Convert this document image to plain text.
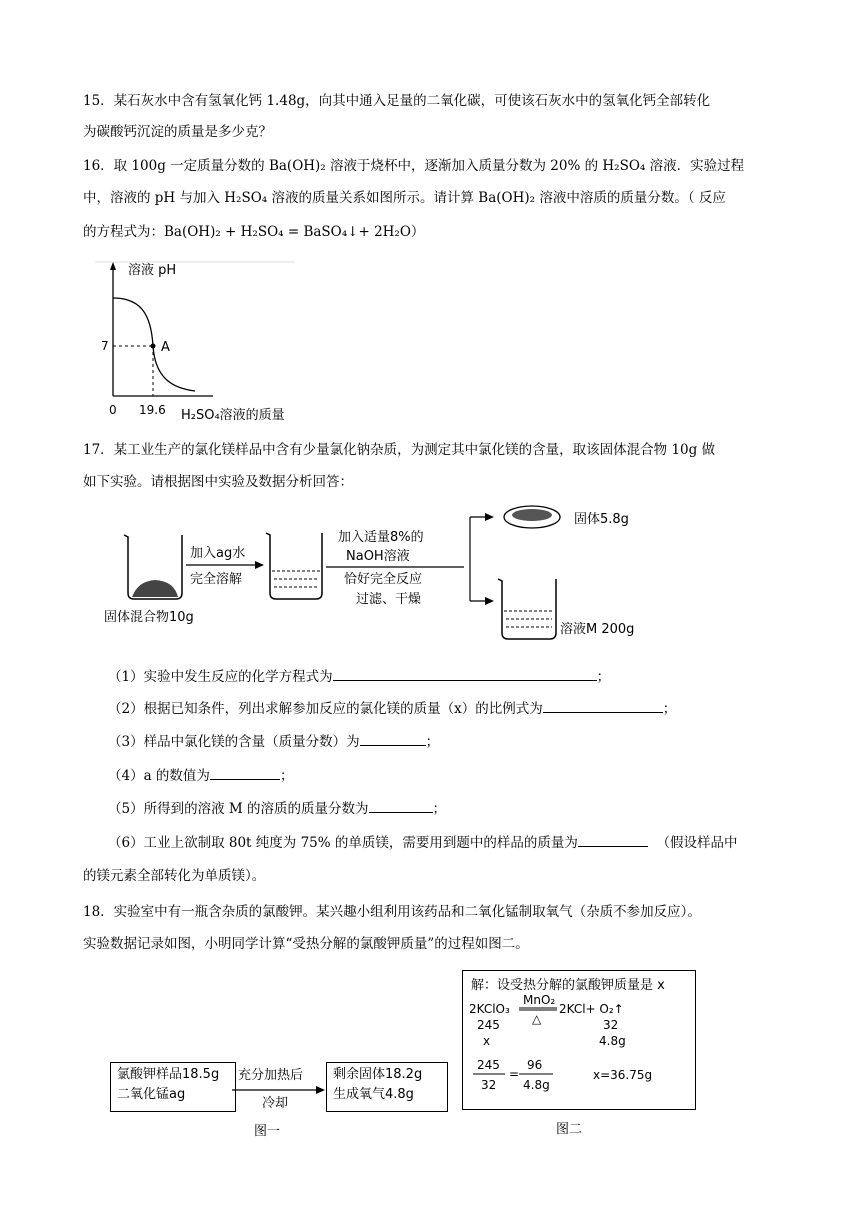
15．某石灰水中含有氢氧化钙 1.48g，向其中通入足量的二氧化碳，可使该石灰水中的氢氧化钙全部转化
为碳酸钙沉淀的质量是多少克？
16．取 100g 一定质量分数的 Ba(OH)₂ 溶液于烧杯中，逐渐加入质量分数为 20% 的 H₂SO₄ 溶液．实验过程
中，溶液的 pH 与加入 H₂SO₄ 溶液的质量关系如图所示。请计算 Ba(OH)₂ 溶液中溶质的质量分数。（ 反应
的方程式为：Ba(OH)₂ + H₂SO₄ = BaSO₄↓+ 2H₂O）
溶液 pH
A
7
0 19.6 H₂SO₄溶液的质量
17．某工业生产的氯化镁样品中含有少量氯化钠杂质，为测定其中氯化镁的含量，取该固体混合物 10g 做
如下实验。请根据图中实验及数据分析回答：
固体混合物10g
加入ag水
完全溶解
加入适量8%的
NaOH溶液
恰好完全反应
过滤、干燥
固体5.8g
溶液M 200g
（1）实验中发生反应的化学方程式为	；
（2）根据已知条件，列出求解参加反应的氯化镁的质量（x）的比例式为	；
（3）样品中氯化镁的含量（质量分数）为	；
（4）a 的数值为	；
（5）所得到的溶液 M 的溶质的质量分数为	；
（6）工业上欲制取 80t 纯度为 75% 的单质镁，需要用到题中的样品的质量为	（假设样品中
的镁元素全部转化为单质镁）。
18．实验室中有一瓶含杂质的氯酸钾。某兴趣小组利用该药品和二氧化锰制取氧气（杂质不参加反应）。
实验数据记录如图，小明同学计算“受热分解的氯酸钾质量”的过程如图二。
氯酸钾样品18.5g
二氧化锰ag
充分加热后
冷却
剩余固体18.2g
生成氧气4.8g
图一
解：设受热分解的氯酸钾质量是 x
MnO₂
△
2KClO₃	2KCl+ O₂↑
245	32
x	4.8g
245
32
=
96
4.8g
x=36.75g
图二
